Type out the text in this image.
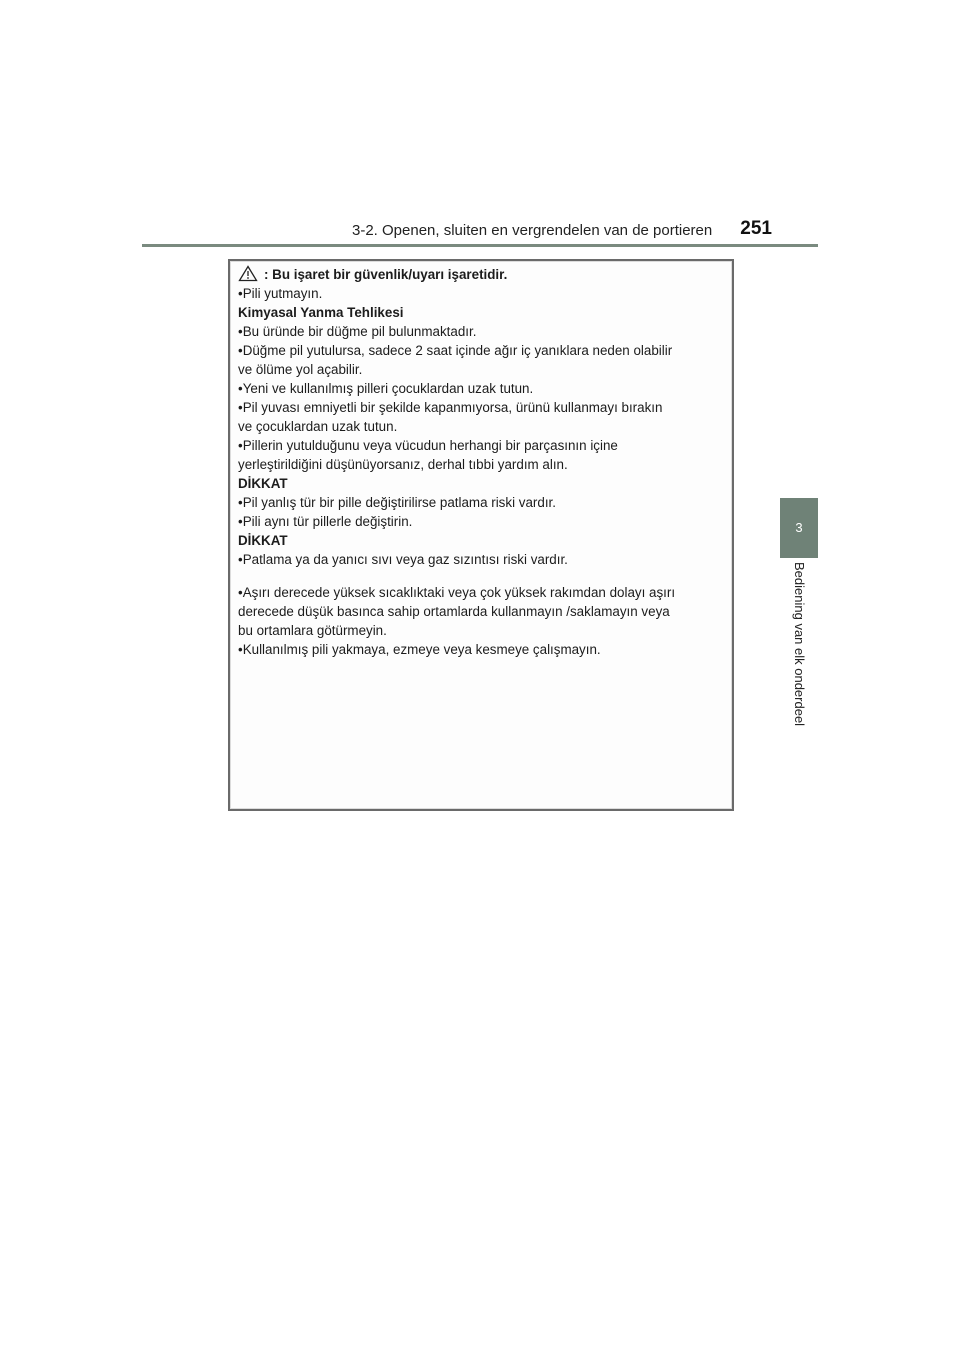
3-2. Openen, sluiten en vergrendelen van de portieren 251
3
Bediening van elk onderdeel
: Bu işaret bir güvenlik/uyarı işaretidir.
•Pili yutmayın.
Kimyasal Yanma Tehlikesi
•Bu üründe bir düğme pil bulunmaktadır.
•Düğme pil yutulursa, sadece 2 saat içinde ağır iç yanıklara neden olabilir
ve ölüme yol açabilir.
•Yeni ve kullanılmış pilleri çocuklardan uzak tutun.
•Pil yuvası emniyetli bir şekilde kapanmıyorsa, ürünü kullanmayı bırakın
ve çocuklardan uzak tutun.
•Pillerin yutulduğunu veya vücudun herhangi bir parçasının içine
yerleştirildiğini düşünüyorsanız, derhal tıbbi yardım alın.
DİKKAT
•Pil yanlış tür bir pille değiştirilirse patlama riski vardır.
•Pili aynı tür pillerle değiştirin.
DİKKAT
•Patlama ya da yanıcı sıvı veya gaz sızıntısı riski vardır.
•Aşırı derecede yüksek sıcaklıktaki veya çok yüksek rakımdan dolayı aşırı
derecede düşük basınca sahip ortamlarda kullanmayın /saklamayın veya
bu ortamlara götürmeyin.
•Kullanılmış pili yakmaya, ezmeye veya kesmeye çalışmayın.
